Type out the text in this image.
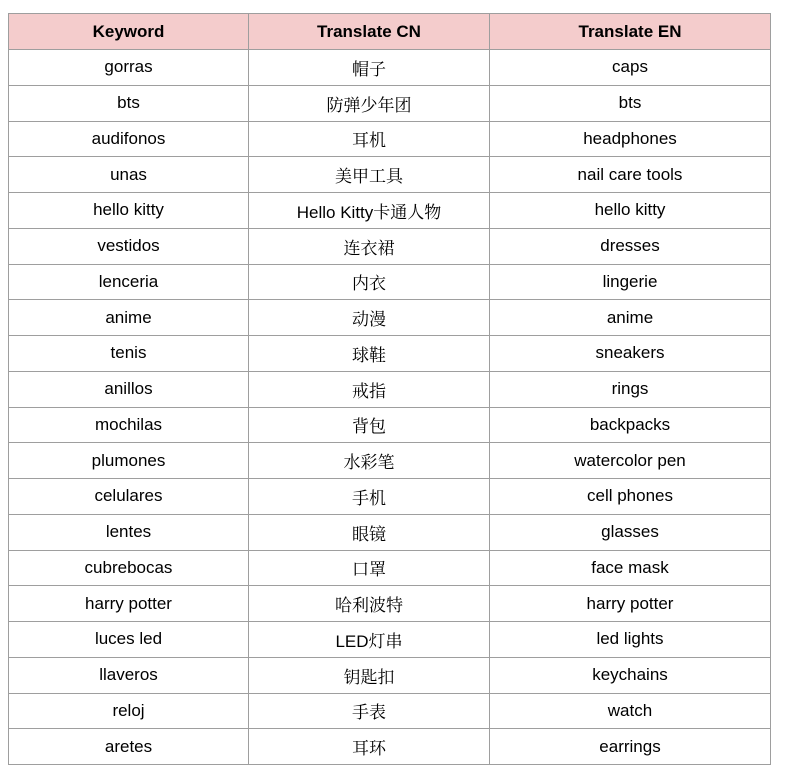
Keyword	Translate CN	Translate EN
gorras	帽子	caps
bts	防弹少年团	bts
audifonos	耳机	headphones
unas	美甲工具	nail care tools
hello kitty	Hello Kitty卡通人物	hello kitty
vestidos	连衣裙	dresses
lenceria	内衣	lingerie
anime	动漫	anime
tenis	球鞋	sneakers
anillos	戒指	rings
mochilas	背包	backpacks
plumones	水彩笔	watercolor pen
celulares	手机	cell phones
lentes	眼镜	glasses
cubrebocas	口罩	face mask
harry potter	哈利波特	harry potter
luces led	LED灯串	led lights
llaveros	钥匙扣	keychains
reloj	手表	watch
aretes	耳环	earrings
